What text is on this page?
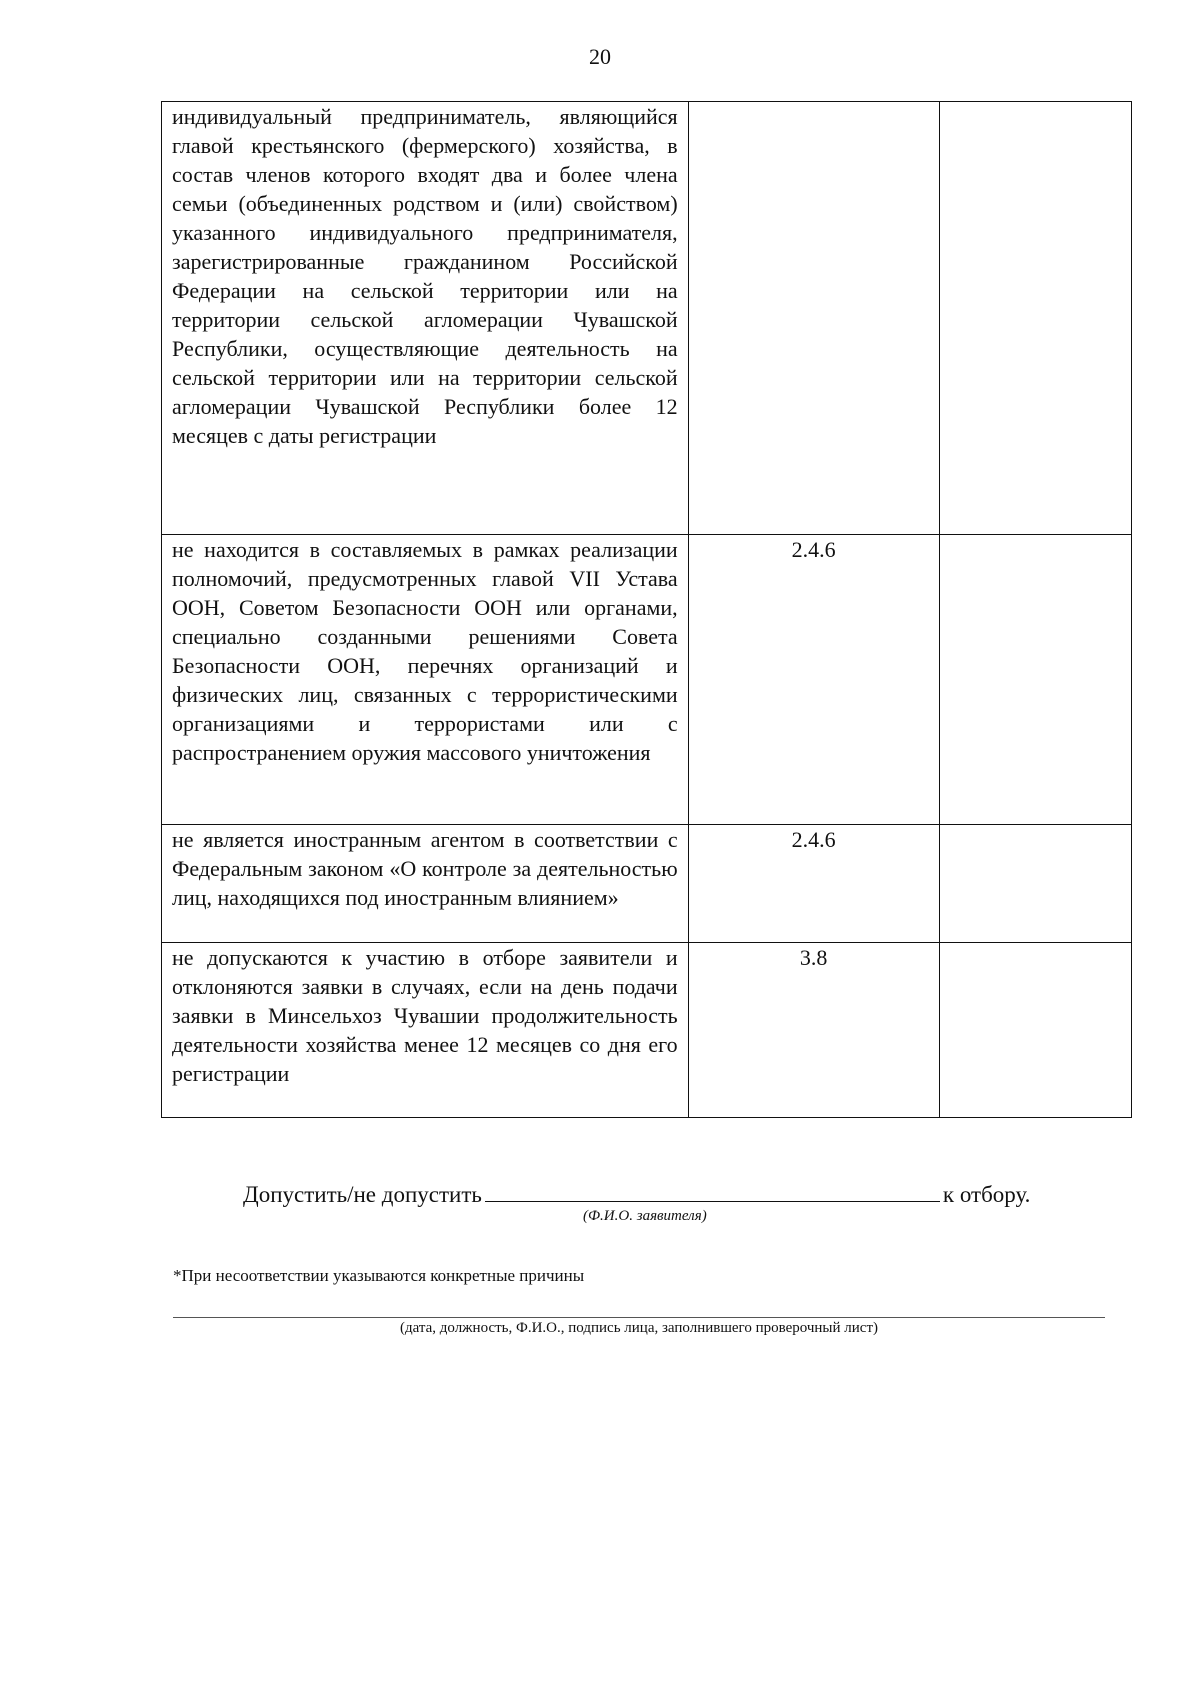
20
индивидуальный предприниматель, являющийся главой крестьянского (фермерского) хозяйства, в состав членов которого входят два и более члена семьи (объединенных родством и (или) свойством) указанного индивидуального предпринимателя, зарегистрированные гражданином Российской Федерации на сельской территории или на территории сельской агломерации Чувашской Республики, осуществляющие деятельность на сельской территории или на территории сельской агломерации Чувашской Республики более 12 месяцев с даты регистрации		
не находится в составляемых в рамках реализации полномочий, предусмотренных главой VII Устава ООН, Советом Безопасности ООН или органами, специально созданными решениями Совета Безопасности ООН, перечнях организаций и физических лиц, связанных с террористическими организациями и террористами или с распространением оружия массового уничтожения	2.4.6	
не является иностранным агентом в соответствии с Федеральным законом «О контроле за деятельностью лиц, находящихся под иностранным влиянием»	2.4.6	
не допускаются к участию в отборе заявители и отклоняются заявки в случаях, если на день подачи заявки в Минсельхоз Чувашии продолжительность деятельности хозяйства менее 12 месяцев со дня его регистрации	3.8	
Допустить/не допустить	к отбору.
(Ф.И.О. заявителя)
*При несоответствии указываются конкретные причины
(дата, должность, Ф.И.О., подпись лица, заполнившего проверочный лист)
